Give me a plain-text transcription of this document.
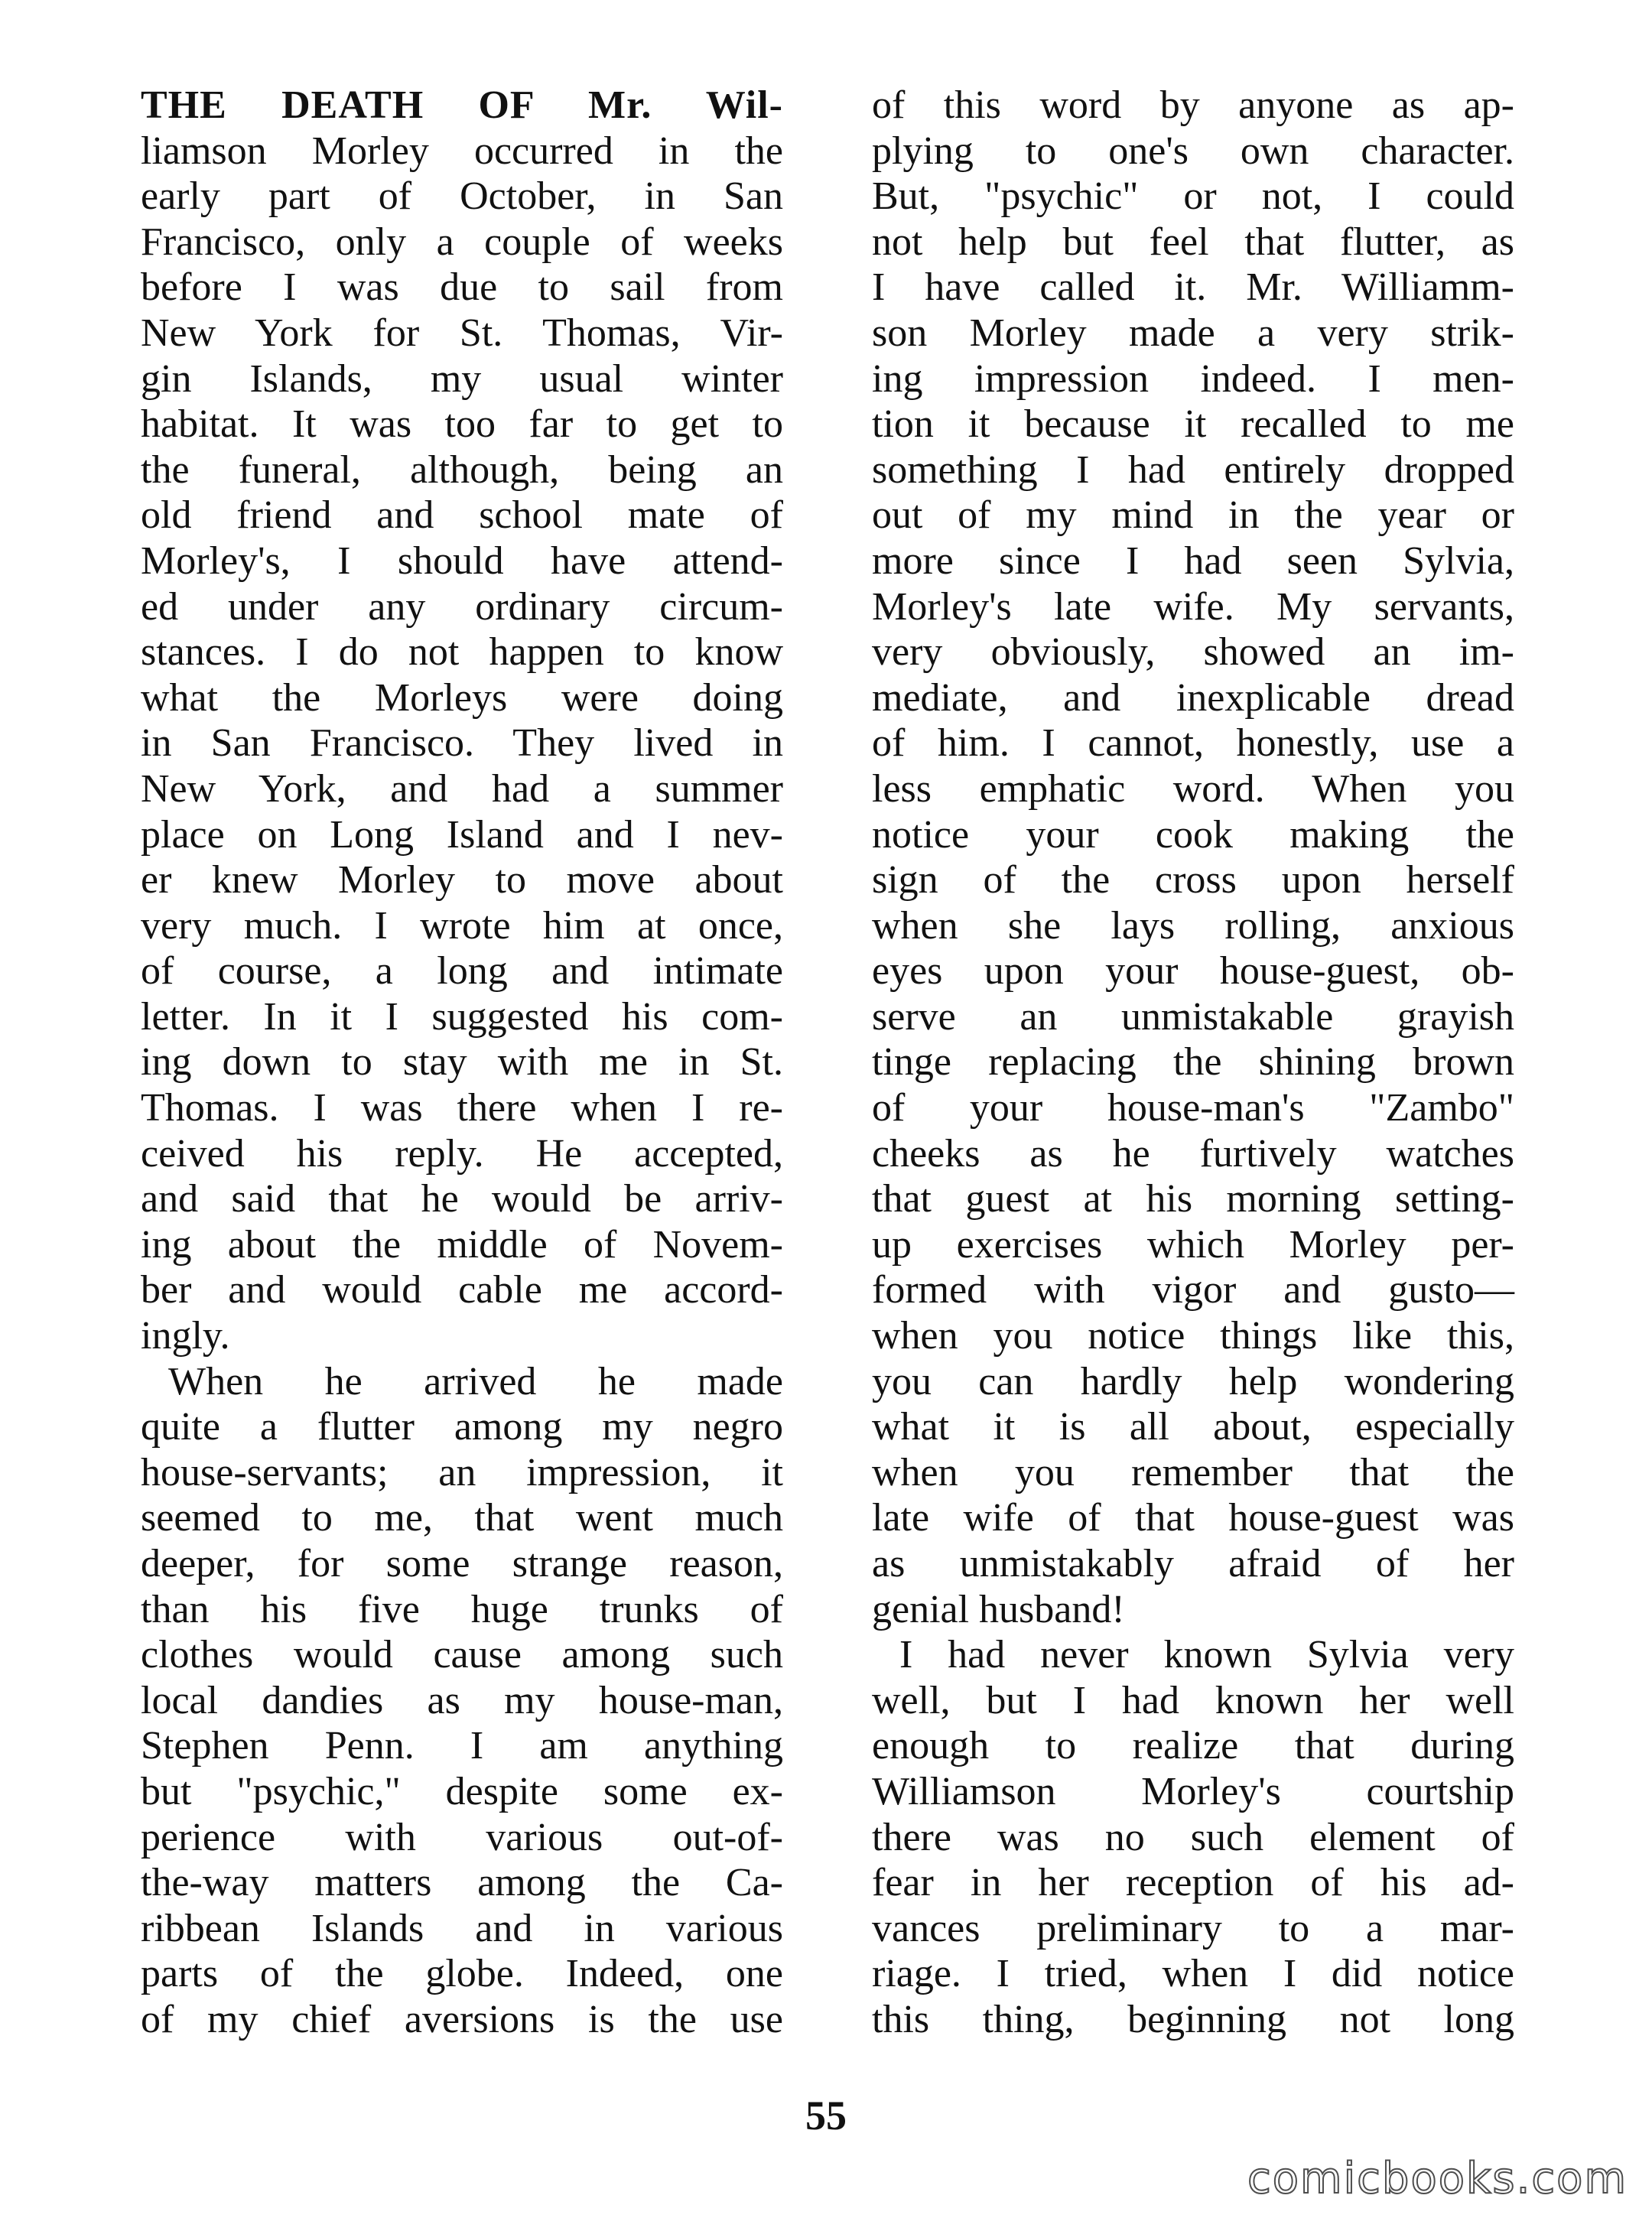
THE DEATH OF Mr. Wil-
liamson Morley occurred in the
early part of October, in San
Francisco, only a couple of weeks
before I was due to sail from
New York for St. Thomas, Vir-
gin Islands, my usual winter
habitat. It was too far to get to
the funeral, although, being an
old friend and school mate of
Morley's, I should have attend-
ed under any ordinary circum-
stances. I do not happen to know
what the Morleys were doing
in San Francisco. They lived in
New York, and had a summer
place on Long Island and I nev-
er knew Morley to move about
very much. I wrote him at once,
of course, a long and intimate
letter. In it I suggested his com-
ing down to stay with me in St.
Thomas. I was there when I re-
ceived his reply. He accepted,
and said that he would be arriv-
ing about the middle of Novem-
ber and would cable me accord-
ingly.
When he arrived he made
quite a flutter among my negro
house-servants; an impression, it
seemed to me, that went much
deeper, for some strange reason,
than his five huge trunks of
clothes would cause among such
local dandies as my house-man,
Stephen Penn. I am anything
but "psychic," despite some ex-
perience with various out-of-
the-way matters among the Ca-
ribbean Islands and in various
parts of the globe. Indeed, one
of my chief aversions is the use
of this word by anyone as ap-
plying to one's own character.
But, "psychic" or not, I could
not help but feel that flutter, as
I have called it. Mr. Williamm-
son Morley made a very strik-
ing impression indeed. I men-
tion it because it recalled to me
something I had entirely dropped
out of my mind in the year or
more since I had seen Sylvia,
Morley's late wife. My servants,
very obviously, showed an im-
mediate, and inexplicable dread
of him. I cannot, honestly, use a
less emphatic word. When you
notice your cook making the
sign of the cross upon herself
when she lays rolling, anxious
eyes upon your house-guest, ob-
serve an unmistakable grayish
tinge replacing the shining brown
of your house-man's "Zambo"
cheeks as he furtively watches
that guest at his morning setting-
up exercises which Morley per-
formed with vigor and gusto—
when you notice things like this,
you can hardly help wondering
what it is all about, especially
when you remember that the
late wife of that house-guest was
as unmistakably afraid of her
genial husband!
I had never known Sylvia very
well, but I had known her well
enough to realize that during
Williamson Morley's courtship
there was no such element of
fear in her reception of his ad-
vances preliminary to a mar-
riage. I tried, when I did notice
this thing, beginning not long
55
comicbooks.com
